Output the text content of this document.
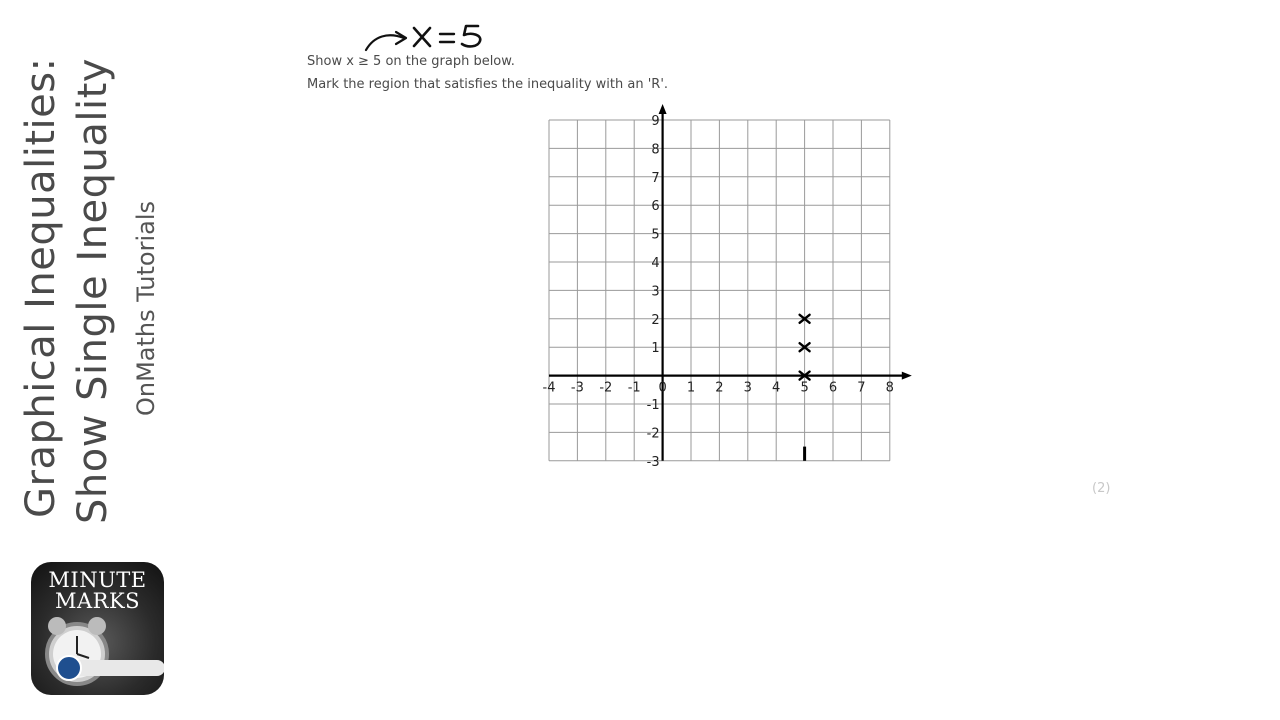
Graphical Inequalities: Show Single Inequality OnMaths Tutorials
MINUTE
MARKS
Show x ≥ 5 on the graph below.
Mark the region that satisfies the inequality with an 'R'.
(2)
-4 -3 -2 -1 0 1 2 3 4 5 6 7 8
9
8
7
6
5
4
3
2
1
-1
-2
-3
